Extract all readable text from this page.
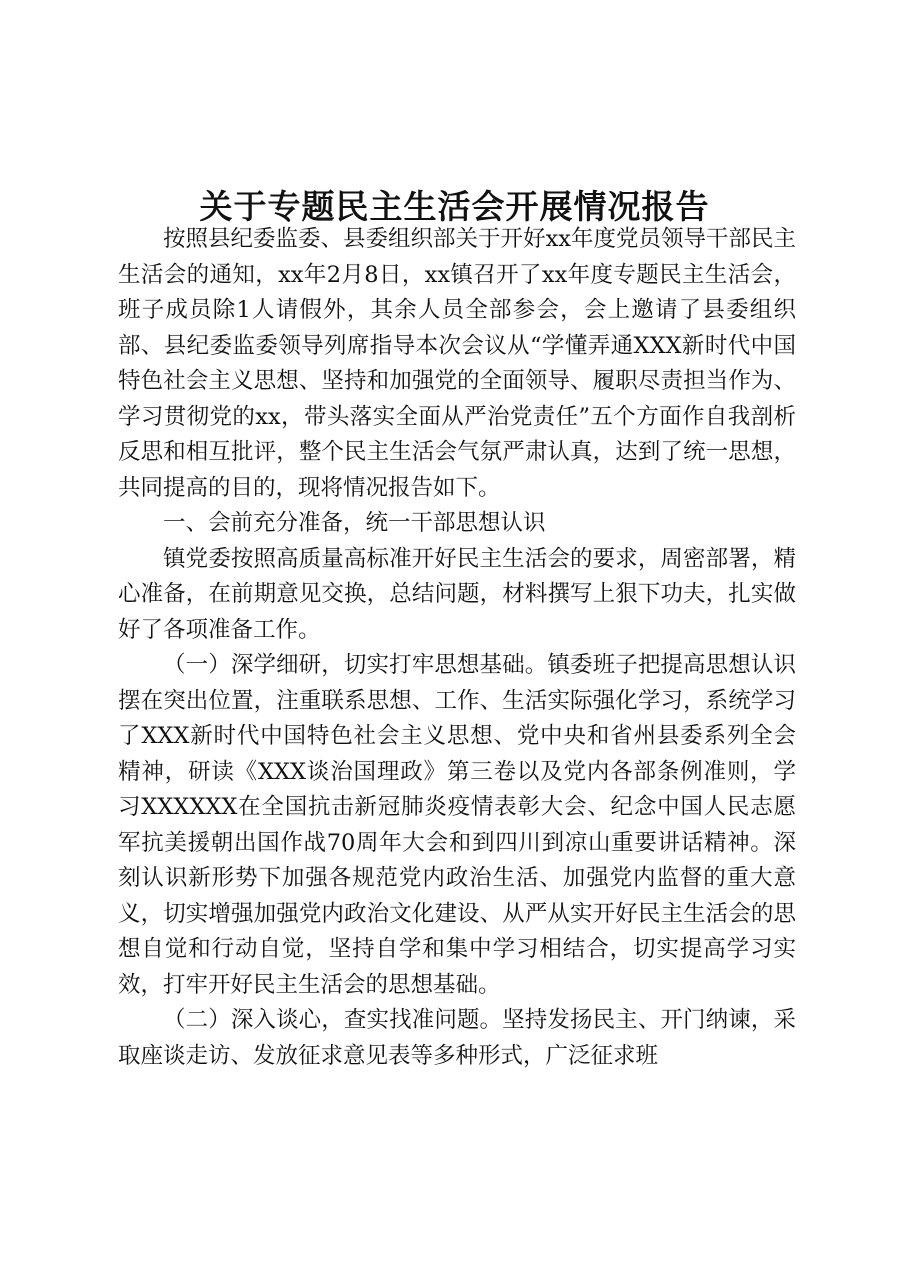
关于专题民主生活会开展情况报告

按照县纪委监委、县委组织部关于开好xx年度党员领导干部民主生活会的通知，xx年2月8日，xx镇召开了xx年度专题民主生活会，班子成员除1人请假外，其余人员全部参会，会上邀请了县委组织部、县纪委监委领导列席指导本次会议从“学懂弄通XXX新时代中国特色社会主义思想、坚持和加强党的全面领导、履职尽责担当作为、学习贯彻党的xx，带头落实全面从严治党责任”五个方面作自我剖析反思和相互批评，整个民主生活会气氛严肃认真，达到了统一思想，共同提高的目的，现将情况报告如下。

一、会前充分准备，统一干部思想认识

镇党委按照高质量高标准开好民主生活会的要求，周密部署，精心准备，在前期意见交换，总结问题，材料撰写上狠下功夫，扎实做好了各项准备工作。

（一）深学细研，切实打牢思想基础。镇委班子把提高思想认识摆在突出位置，注重联系思想、工作、生活实际强化学习，系统学习了XXX新时代中国特色社会主义思想、党中央和省州县委系列全会精神，研读《XXX谈治国理政》第三卷以及党内各部条例准则，学习XXXXXX在全国抗击新冠肺炎疫情表彰大会、纪念中国人民志愿军抗美援朝出国作战70周年大会和到四川到凉山重要讲话精神。深刻认识新形势下加强各规范党内政治生活、加强党内监督的重大意义，切实增强加强党内政治文化建设、从严从实开好民主生活会的思想自觉和行动自觉，坚持自学和集中学习相结合，切实提高学习实效，打牢开好民主生活会的思想基础。

（二）深入谈心，查实找准问题。坚持发扬民主、开门纳谏，采取座谈走访、发放征求意见表等多种形式，广泛征求班
